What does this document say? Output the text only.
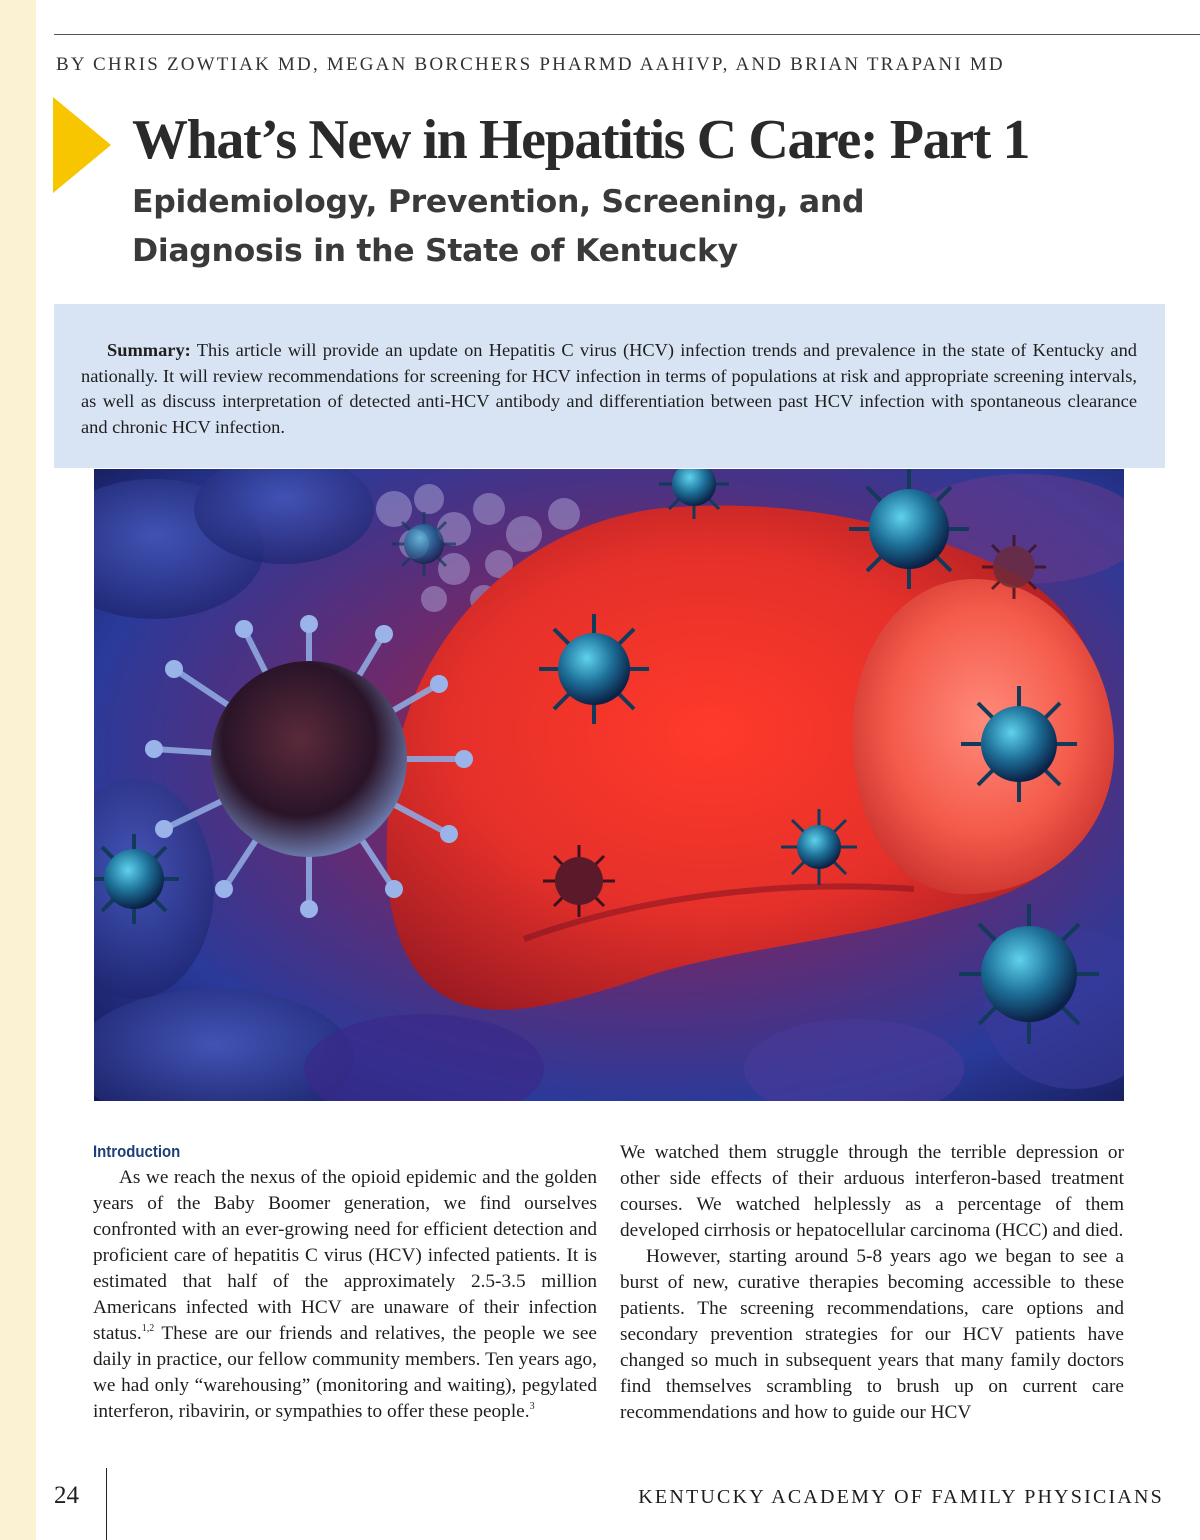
BY CHRIS ZOWTIAK MD, MEGAN BORCHERS PHARMD AAHIVP, AND BRIAN TRAPANI MD
What’s New in Hepatitis C Care: Part 1
Epidemiology, Prevention, Screening, and
Diagnosis in the State of Kentucky

Summary: This article will provide an update on Hepatitis C virus (HCV) infection trends and prevalence in the state of Kentucky and nationally. It will review recommendations for screening for HCV infection in terms of populations at risk and appropriate screening intervals, as well as discuss interpretation of detected anti-HCV antibody and differentiation between past HCV infection with spontaneous clearance and chronic HCV infection.

Introduction

As we reach the nexus of the opioid epidemic and the golden years of the Baby Boomer generation, we find ourselves confronted with an ever-growing need for efficient detection and proficient care of hepatitis C virus (HCV) infected patients. It is estimated that half of the approximately 2.5-3.5 million Americans infected with HCV are unaware of their infection status.$^{1,2}$ These are our friends and relatives, the people we see daily in practice, our fellow community members. Ten years ago, we had only “warehousing” (monitoring and waiting), pegylated interferon, ribavirin, or sympathies to offer these people.$^3$

We watched them struggle through the terrible depression or other side effects of their arduous interferon-based treatment courses. We watched helplessly as a percentage of them developed cirrhosis or hepatocellular carcinoma (HCC) and died.

However, starting around 5-8 years ago we began to see a burst of new, curative therapies becoming accessible to these patients. The screening recommendations, care options and secondary prevention strategies for our HCV patients have changed so much in subsequent years that many family doctors find themselves scrambling to brush up on current care recommendations and how to guide our HCV

24	KENTUCKY ACADEMY OF FAMILY PHYSICIANS
